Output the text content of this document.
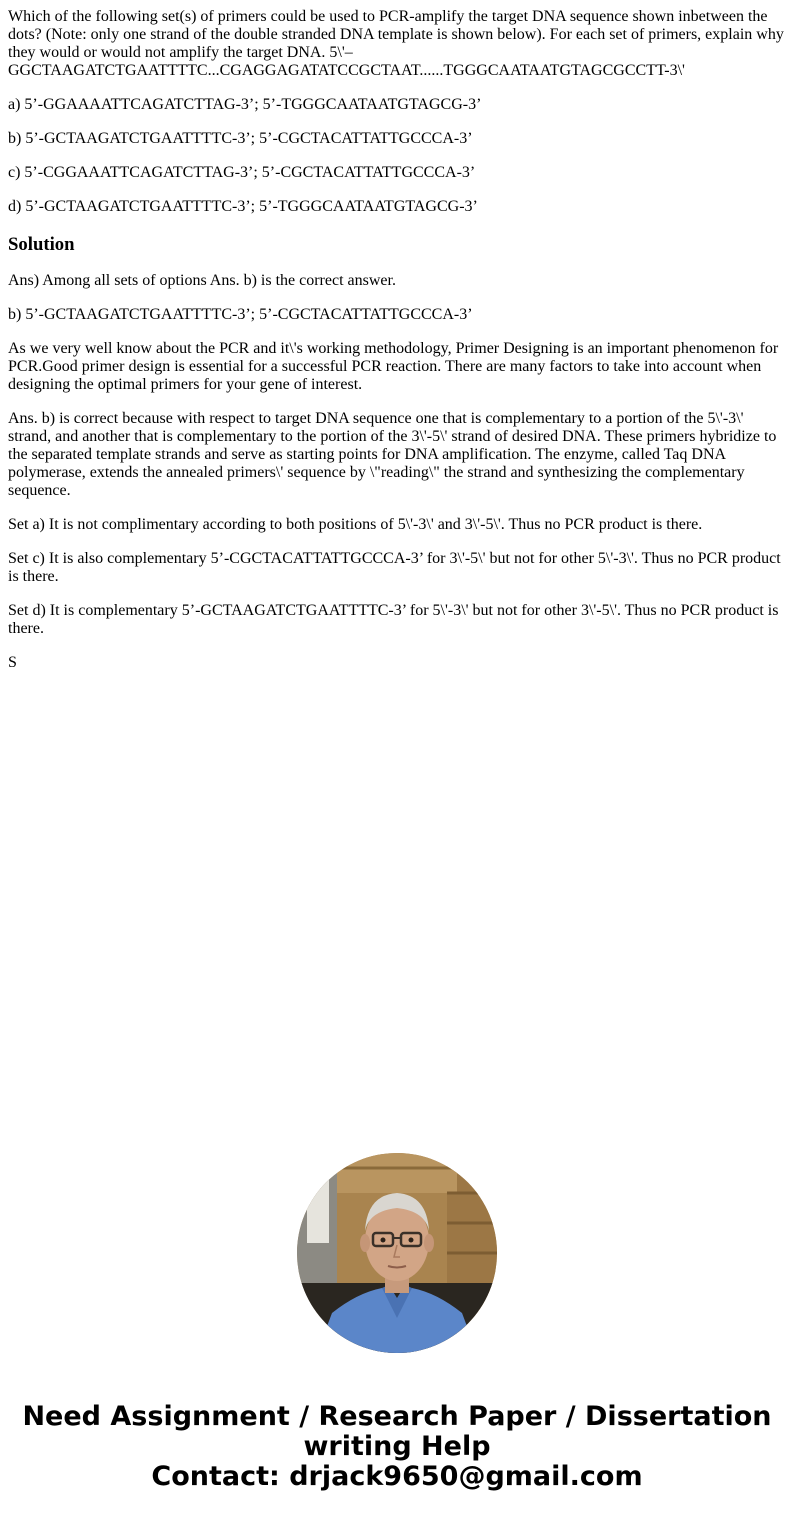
Which of the following set(s) of primers could be used to PCR-amplify the target DNA sequence shown inbetween the dots? (Note: only one strand of the double stranded DNA template is shown below). For each set of primers, explain why they would or would not amplify the target DNA. 5\'– GGCTAAGATCTGAATTTTC...CGAGGAGATATCCGCTAAT......TGGGCAATAATGTAGCGCCTT-3\'

a) 5’-GGAAAATTCAGATCTTAG-3’; 5’-TGGGCAATAATGTAGCG-3’

b) 5’-GCTAAGATCTGAATTTTC-3’; 5’-CGCTACATTATTGCCCA-3’

c) 5’-CGGAAATTCAGATCTTAG-3’; 5’-CGCTACATTATTGCCCA-3’

d) 5’-GCTAAGATCTGAATTTTC-3’; 5’-TGGGCAATAATGTAGCG-3’

Solution

Ans) Among all sets of options Ans. b) is the correct answer.

b) 5’-GCTAAGATCTGAATTTTC-3’; 5’-CGCTACATTATTGCCCA-3’

As we very well know about the PCR and it\'s working methodology, Primer Designing is an important phenomenon for PCR.Good primer design is essential for a successful PCR reaction. There are many factors to take into account when designing the optimal primers for your gene of interest.

Ans. b) is correct because with respect to target DNA sequence one that is complementary to a portion of the 5\'-3\' strand, and another that is complementary to the portion of the 3\'-5\' strand of desired DNA. These primers hybridize to the separated template strands and serve as starting points for DNA amplification. The enzyme, called Taq DNA polymerase, extends the annealed primers\' sequence by \"reading\" the strand and synthesizing the complementary sequence.

Set a) It is not complimentary according to both positions of 5\'-3\' and 3\'-5\'. Thus no PCR product is there.

Set c) It is also complementary 5’-CGCTACATTATTGCCCA-3’ for 3\'-5\' but not for other 5\'-3\'. Thus no PCR product is there.

Set d) It is complementary 5’-GCTAAGATCTGAATTTTC-3’ for 5\'-3\' but not for other 3\'-5\'. Thus no PCR product is there.

S

Need Assignment / Research Paper / Dissertation
writing Help
Contact: drjack9650@gmail.com
